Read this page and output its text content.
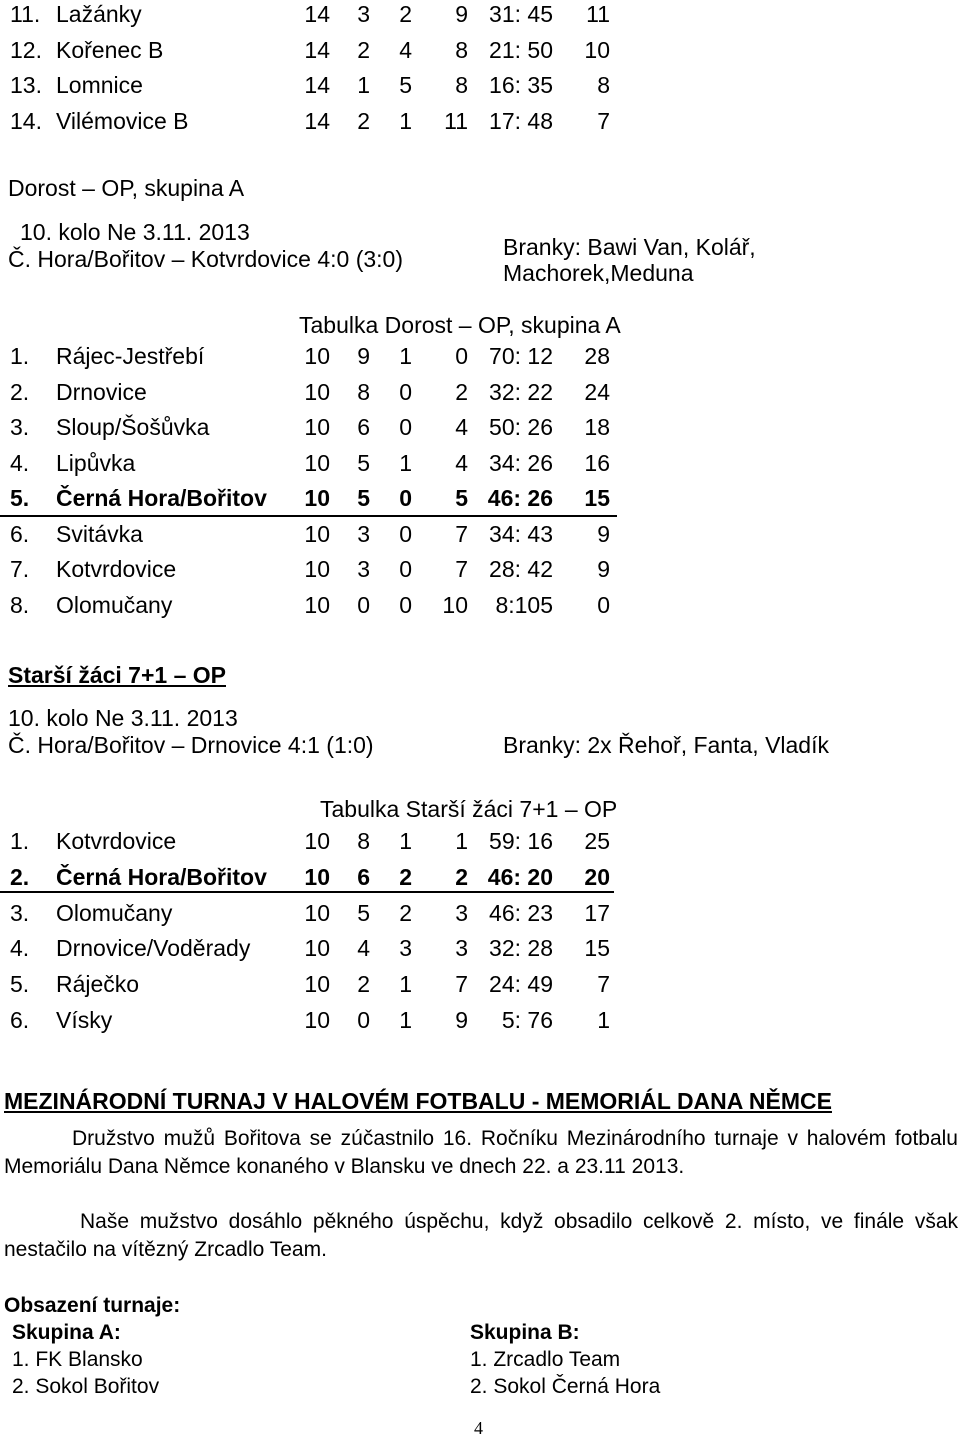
11. Lažánky	14 3 2 9 31: 45 11
12. Kořenec B	14 2 4 8 21: 50 10
13. Lomnice	14 1 5 8 16: 35 8
14. Vilémovice B	14 2 1 11 17: 48 7
Dorost – OP, skupina A
10. kolo Ne 3.11. 2013
Č. Hora/Bořitov – Kotvrdovice 4:0 (3:0)	Branky: Bawi Van, Kolář,
Machorek,Meduna
Tabulka Dorost – OP, skupina A
1. Rájec-Jestřebí	10 9 1 0 70: 12 28
2. Drnovice	10 8 0 2 32: 22 24
3. Sloup/Šošůvka	10 6 0 4 50: 26 18
4. Lipůvka	10 5 1 4 34: 26 16
5. Černá Hora/Bořitov 10 5 0 5 46: 26 15
6. Svitávka	10 3 0 7 34: 43 9
7. Kotvrdovice	10 3 0 7 28: 42 9
8. Olomučany	10 0 0 10 8:105 0
Starší žáci 7+1 – OP
10. kolo Ne 3.11. 2013
Č. Hora/Bořitov – Drnovice 4:1 (1:0)	Branky: 2x Řehoř, Fanta, Vladík
Tabulka Starší žáci 7+1 – OP
1. Kotvrdovice	10 8 1 1 59: 16 25
2. Černá Hora/Bořitov 10 6 2 2 46: 20 20
3. Olomučany	10 5 2 3 46: 23 17
4. Drnovice/Voděrady 10 4 3 3 32: 28 15
5. Ráječko	10 2 1 7 24: 49 7
6. Vísky	10 0 1 9 5: 76 1
MEZINÁRODNÍ TURNAJ V HALOVÉM FOTBALU - MEMORIÁL DANA NĚMCE

Družstvo mužů Bořitova se zúčastnilo 16. Ročníku Mezinárodního turnaje v halovém fotbalu Memoriálu Dana Němce konaného v Blansku ve dnech 22. a 23.11 2013.

Naše mužstvo dosáhlo pěkného úspěchu, když obsadilo celkově 2. místo, ve finále však nestačilo na vítězný Zrcadlo Team.

Obsazení turnaje:
Skupina A:
1. FK Blansko
2. Sokol Bořitov
Skupina B:
1. Zrcadlo Team
2. Sokol Černá Hora
4
